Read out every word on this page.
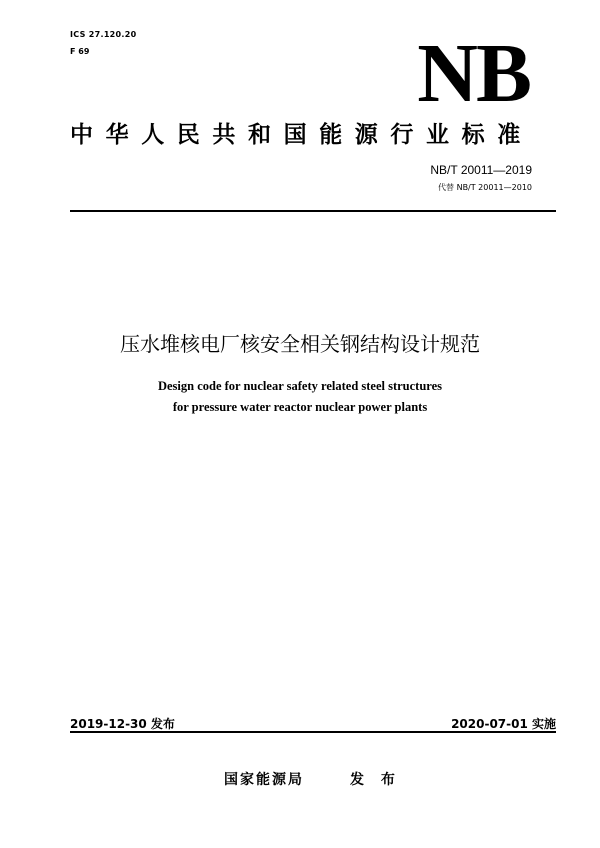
ICS 27.120.20
F 69	NB
中华人民共和国能源行业标准
NB/T 20011—2019
代替 NB/T 20011—2010
压水堆核电厂核安全相关钢结构设计规范
Design code for nuclear safety related steel structures
for pressure water reactor nuclear power plants
2019-12-30 发布	2020-07-01 实施
国家能源局	发 布
